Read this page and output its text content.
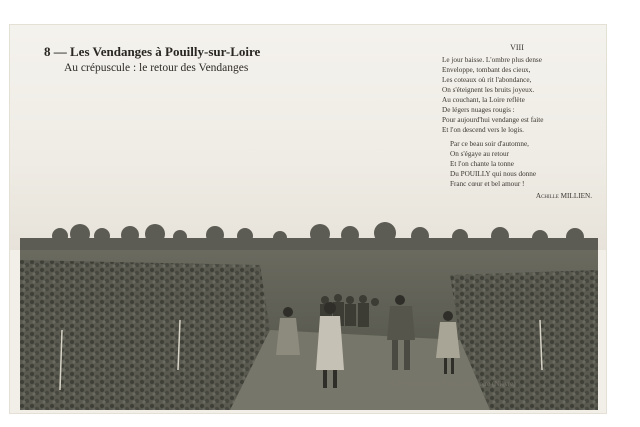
8 — Les Vendanges à Pouilly-sur-Loire
Au crépuscule : le retour des Vendanges
VIII
Le jour baisse. L'ombre plus dense
Enveloppe, tombant des cieux,
Les coteaux où rit l'abondance,
On s'éteignent les bruits joyeux.
Au couchant, la Loire reflète
De légers nuages rougis :
Pour aujourd'hui vendange est faite
Et l'on descend vers le logis.
Par ce beau soir d'automne,
On s'égaye au retour
Et l'on chante la tonne
Du POUILLY qui nous donne
Franc cœur et bel amour !
Achille MILLIEN.
M. Pillois, éditeur, Pouilly-sur-Loire (Nièvre)
